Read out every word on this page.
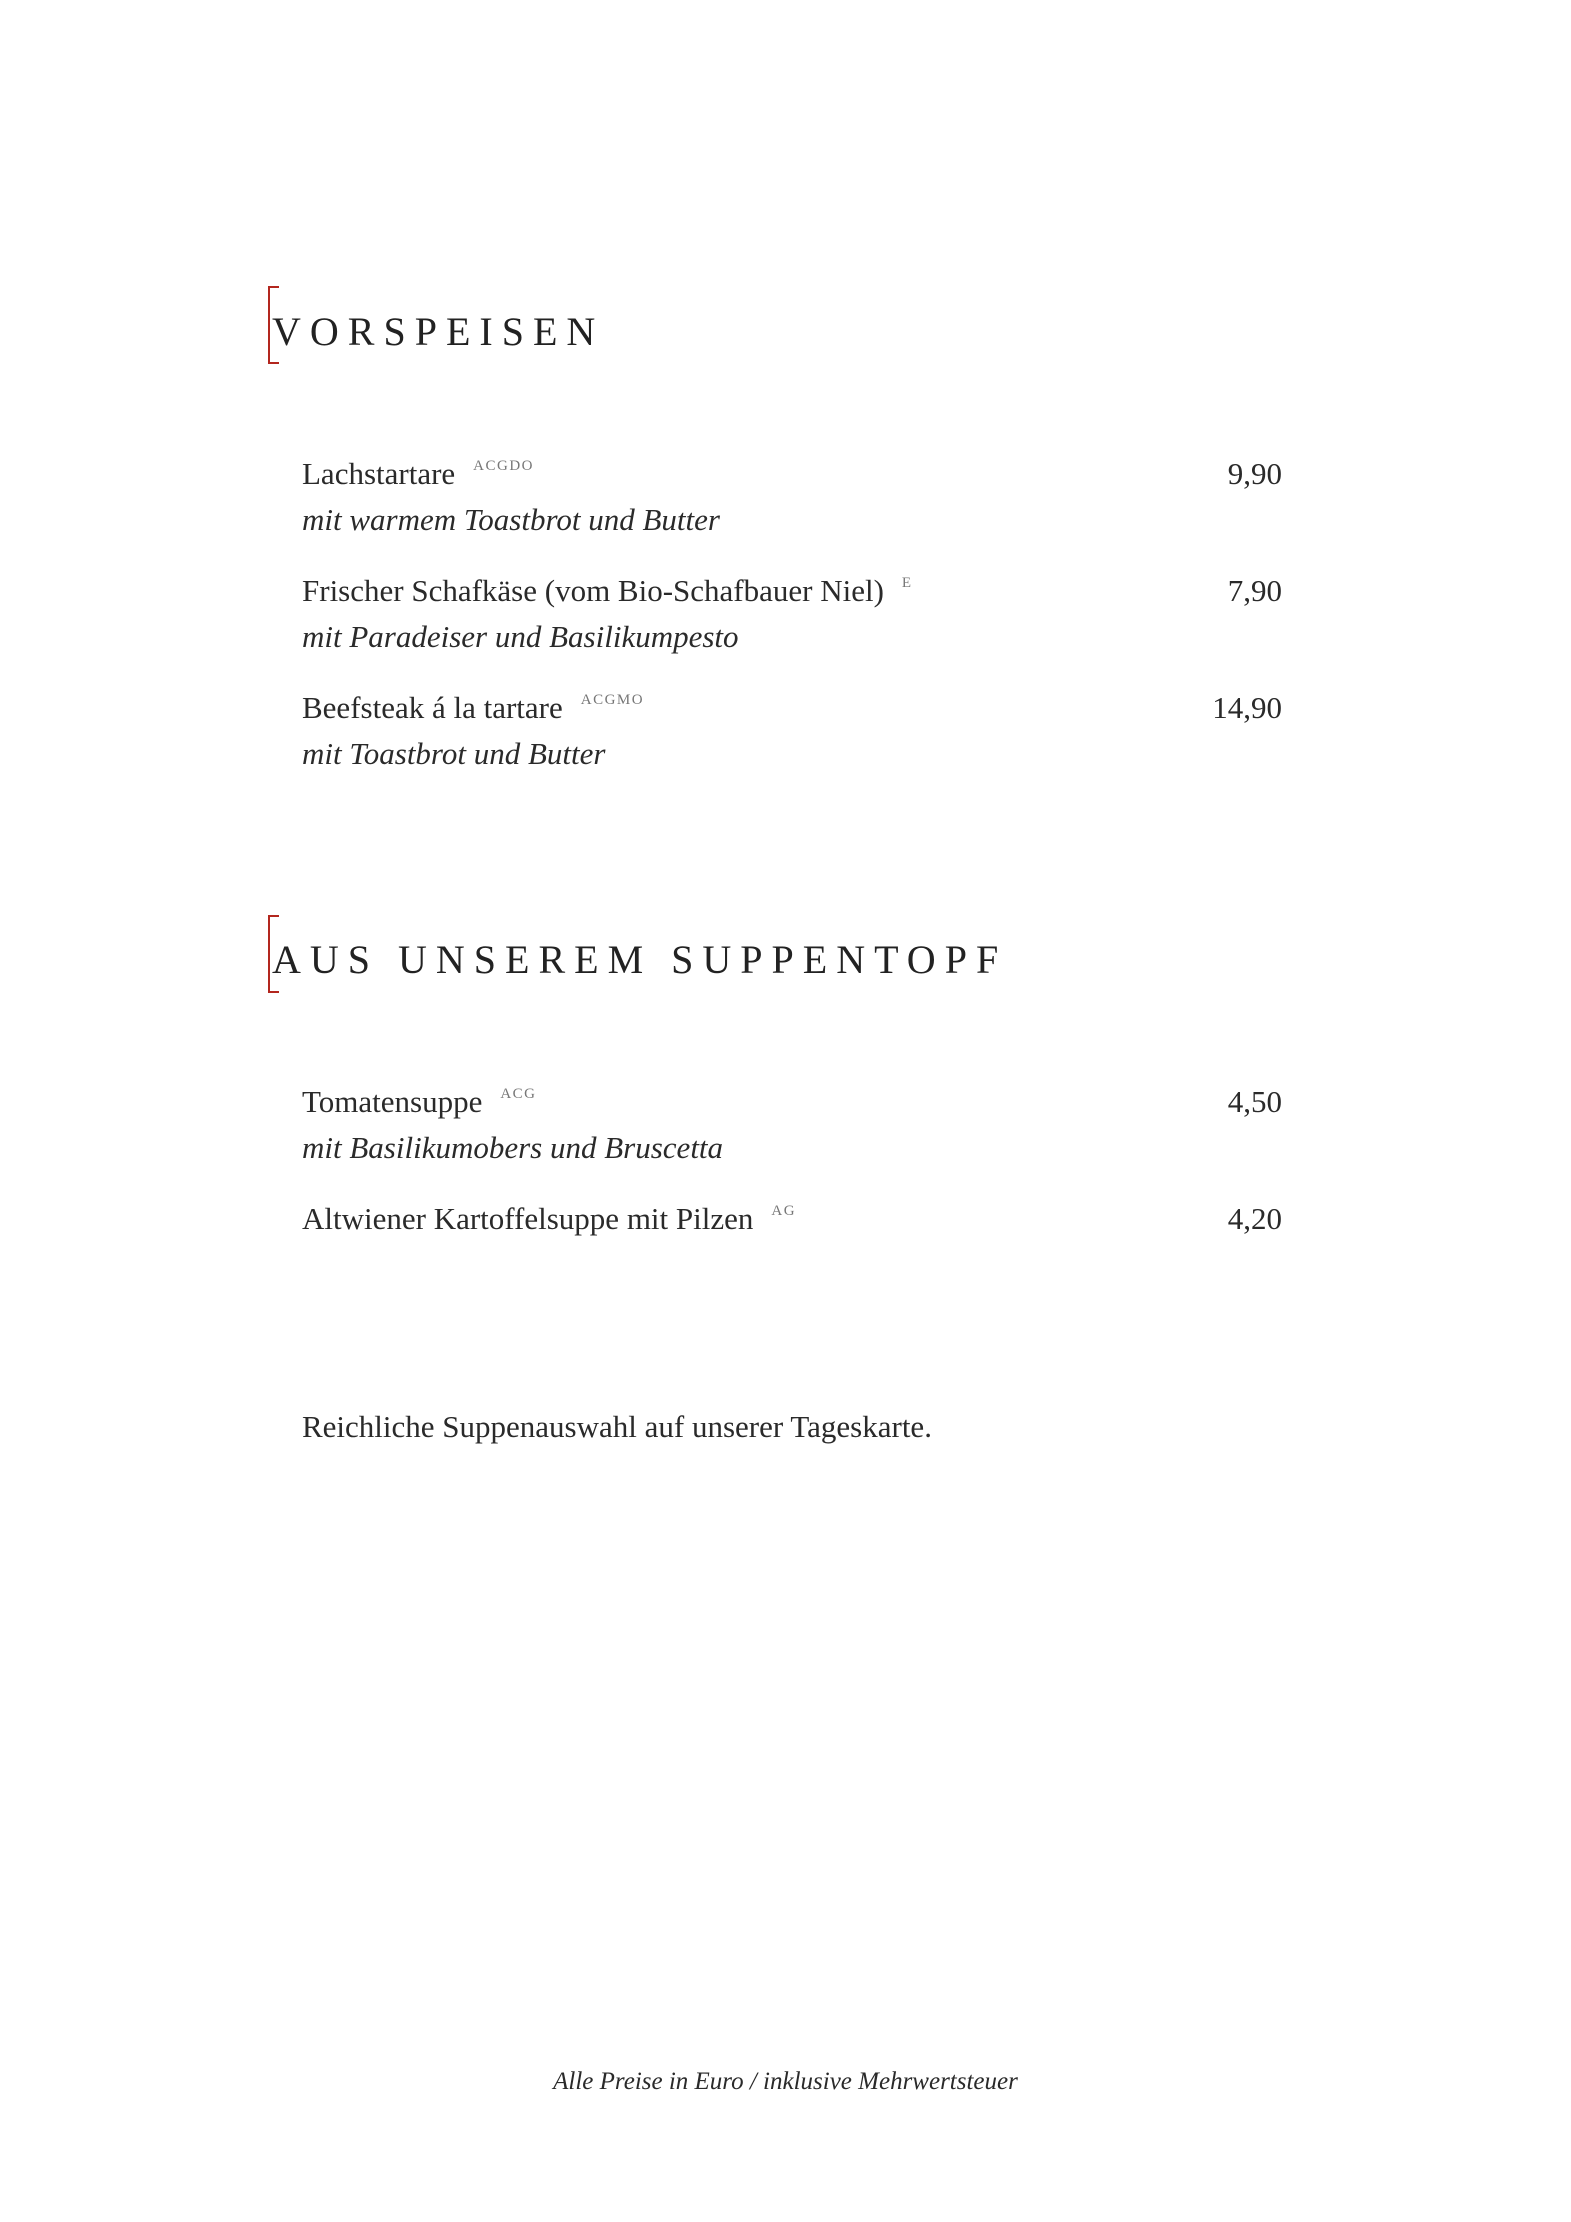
VORSPEISEN
Lachstartare $^{ACGDO}$
mit warmem Toastbrot und Butter
9,90
Frischer Schafkäse (vom Bio-Schafbauer Niel) $^E$
mit Paradeiser und Basilikumpesto
7,90
Beefsteak á la tartare $^{ACGMO}$
mit Toastbrot und Butter
14,90
AUS UNSEREM SUPPENTOPF
Tomatensuppe $^{ACG}$
mit Basilikumobers und Bruscetta
4,50
Altwiener Kartoffelsuppe mit Pilzen $^{AG}$	4,20
Reichliche Suppenauswahl auf unserer Tageskarte.
Alle Preise in Euro / inklusive Mehrwertsteuer
